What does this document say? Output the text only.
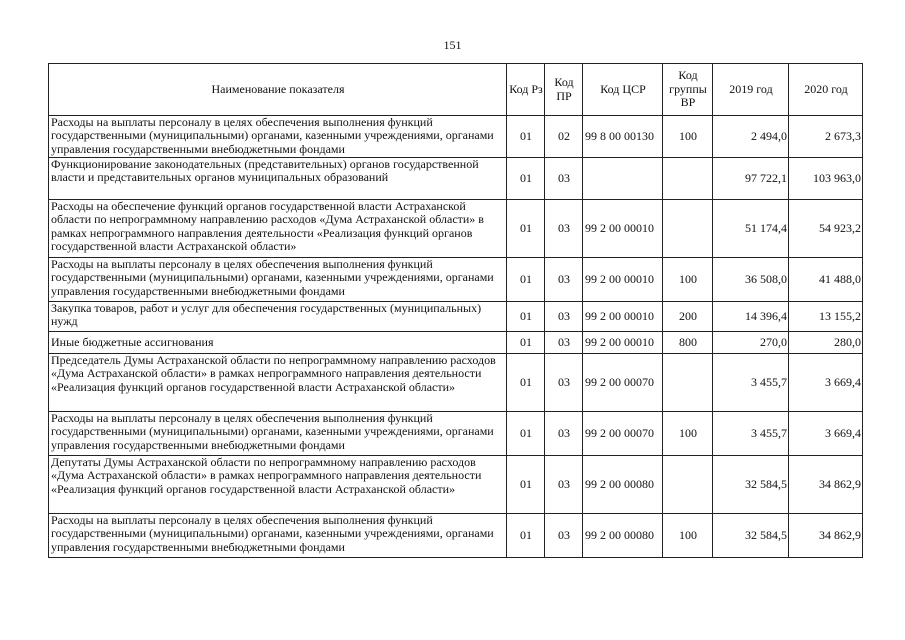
151
Наименование показателя	Код Рз	Код ПР	Код ЦСР	Код группы ВР	2019 год	2020 год
Расходы на выплаты персоналу в целях обеспечения выполнения функций государственными (муниципальными) органами, казенными учреждениями, органами управления государственными внебюджетными фондами	01	02	99 8 00 00130	100	2 494,0	2 673,3
Функционирование законодательных (представительных) органов государственной власти и представительных органов муниципальных образований	01	03			97 722,1	103 963,0
Расходы на обеспечение функций органов государственной власти Астраханской области по непрограммному направлению расходов «Дума Астраханской области» в рамках непрограммного направления деятельности «Реализация функций органов государственной власти Астраханской области»	01	03	99 2 00 00010		51 174,4	54 923,2
Расходы на выплаты персоналу в целях обеспечения выполнения функций государственными (муниципальными) органами, казенными учреждениями, органами управления государственными внебюджетными фондами	01	03	99 2 00 00010	100	36 508,0	41 488,0
Закупка товаров, работ и услуг для обеспечения государственных (муниципальных) нужд	01	03	99 2 00 00010	200	14 396,4	13 155,2
Иные бюджетные ассигнования	01	03	99 2 00 00010	800	270,0	280,0
Председатель Думы Астраханской области по непрограммному направлению расходов «Дума Астраханской области» в рамках непрограммного направления деятельности «Реализация функций органов государственной власти Астраханской области»	01	03	99 2 00 00070		3 455,7	3 669,4
Расходы на выплаты персоналу в целях обеспечения выполнения функций государственными (муниципальными) органами, казенными учреждениями, органами управления государственными внебюджетными фондами	01	03	99 2 00 00070	100	3 455,7	3 669,4
Депутаты Думы Астраханской области по непрограммному направлению расходов «Дума Астраханской области» в рамках непрограммного направления деятельности «Реализация функций органов государственной власти Астраханской области»	01	03	99 2 00 00080		32 584,5	34 862,9
Расходы на выплаты персоналу в целях обеспечения выполнения функций государственными (муниципальными) органами, казенными учреждениями, органами управления государственными внебюджетными фондами	01	03	99 2 00 00080	100	32 584,5	34 862,9
